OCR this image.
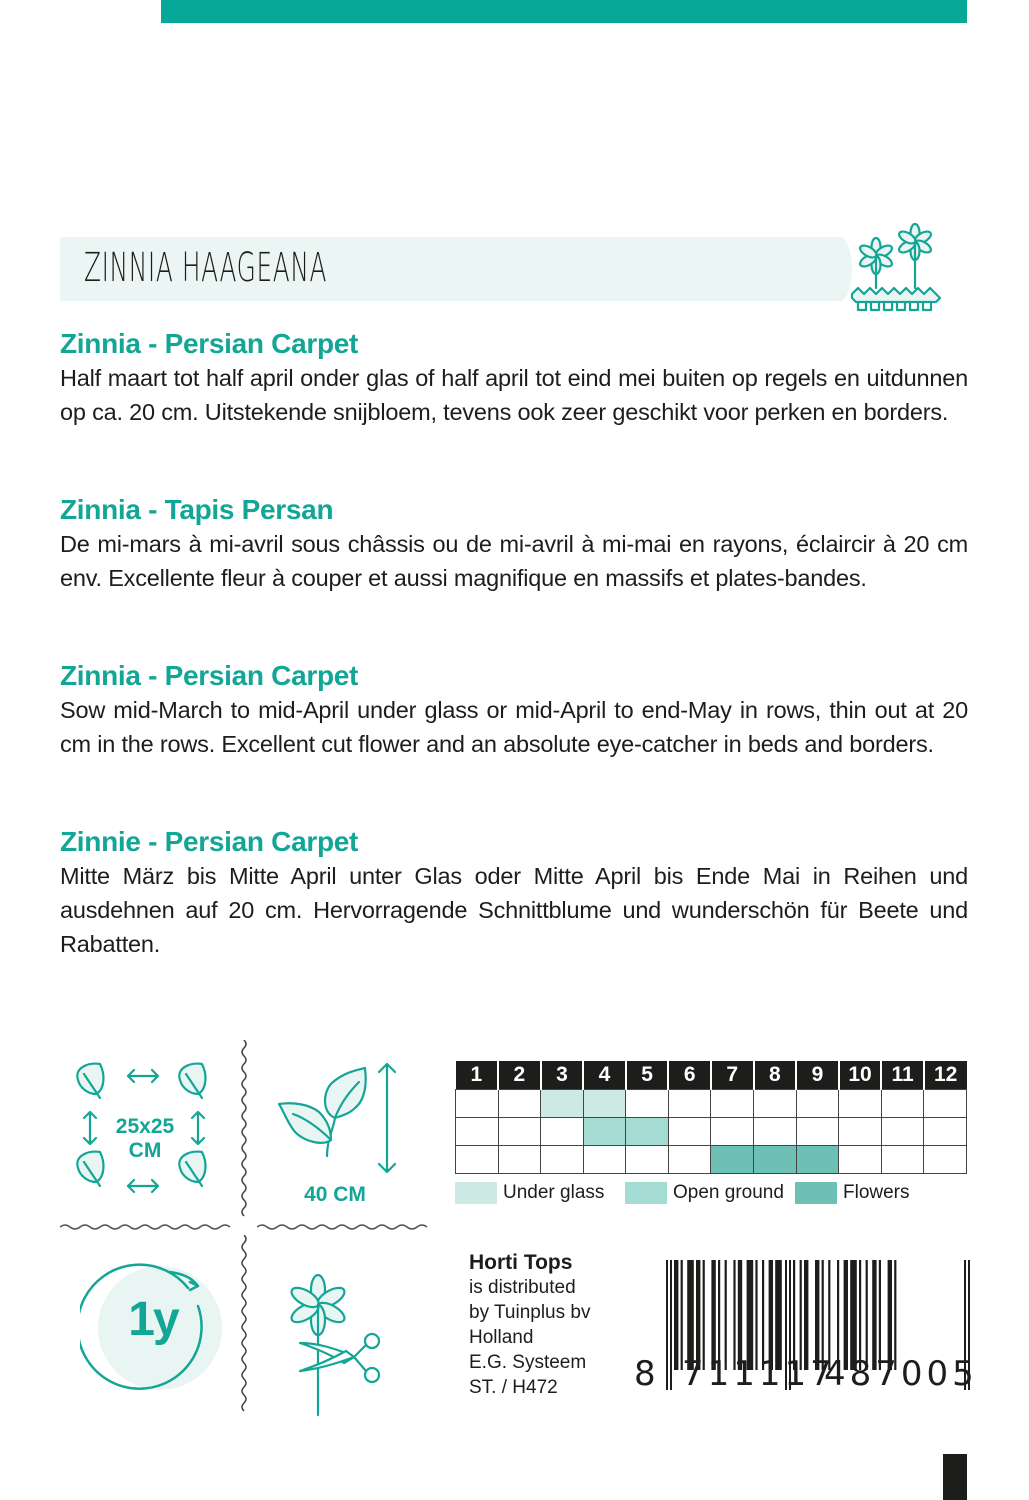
ZINNIA HAAGEANA
Zinnia - Persian Carpet

Half maart tot half april onder glas of half april tot eind mei buiten op regels en uitdunnen op ca. 20 cm. Uitstekende snijbloem, tevens ook zeer geschikt voor perken en borders.

Zinnia - Tapis Persan

De mi-mars à mi-avril sous châssis ou de mi-avril à mi-mai en rayons, éclaircir à 20 cm env. Excellente fleur à couper et aussi magnifique en massifs et plates-bandes.

Zinnia - Persian Carpet

Sow mid-March to mid-April under glass or mid-April to end-May in rows, thin out at 20 cm in the rows. Excellent cut flower and an absolute eye-catcher in beds and borders.

Zinnie - Persian Carpet

Mitte März bis Mitte April unter Glas oder Mitte April bis Ende Mai in Reihen und ausdehnen auf 20 cm. Hervorragende Schnittblume und wunderschön für Beete und Rabatten.

25x25
CM
40 CM
1y
1	2	3	4	5	6	7	8	9	10	11	12

Under glass	Open ground	Flowers
Horti Tops
is distributed
by Tuinplus bv
Holland
E.G. Systeem
ST. / H472	8 711117
487005
